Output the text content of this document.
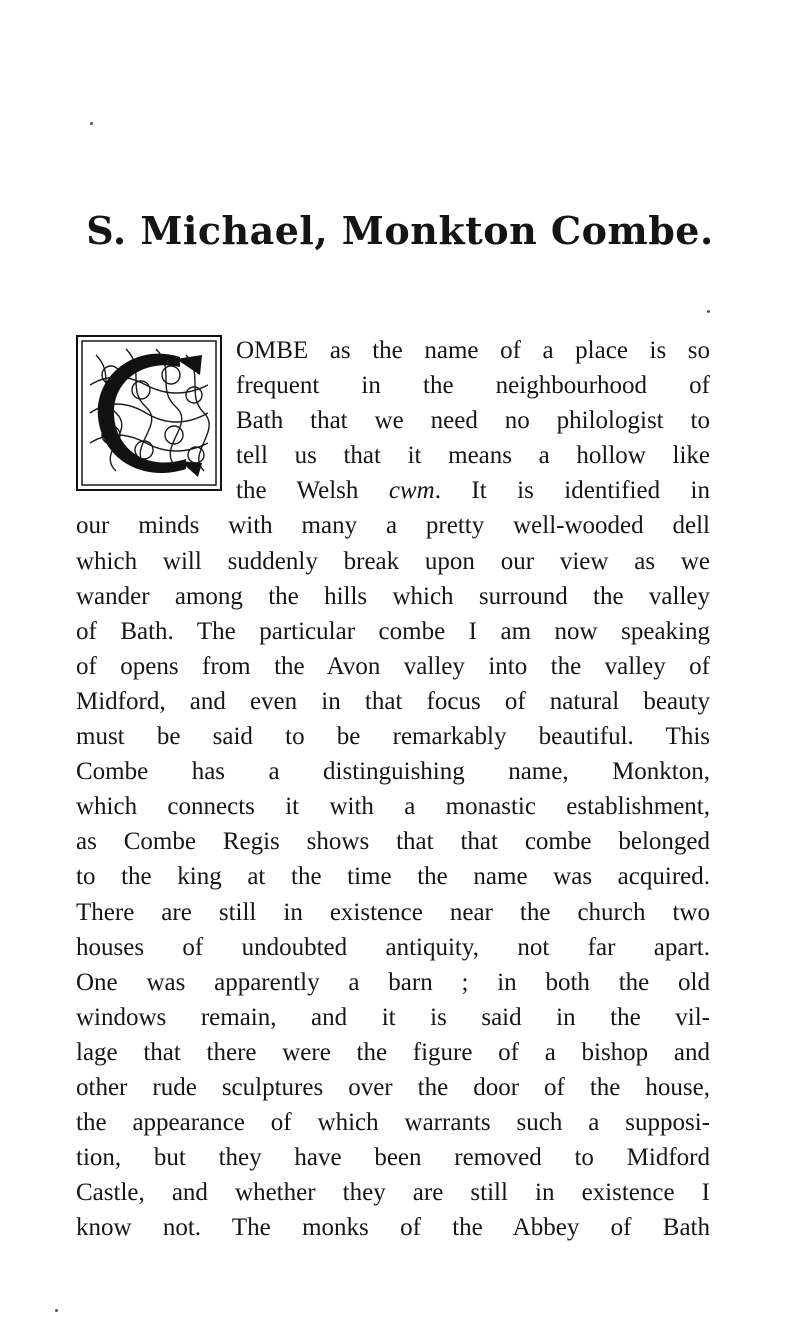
S. Michael, Monkton Combe.
OMBE as the name of a place is so
frequent in the neighbourhood of
Bath that we need no philologist to
tell us that it means a hollow like
the Welsh cwm. It is identified in
our minds with many a pretty well-wooded dell
which will suddenly break upon our view as we
wander among the hills which surround the valley
of Bath. The particular combe I am now speaking
of opens from the Avon valley into the valley of
Midford, and even in that focus of natural beauty
must be said to be remarkably beautiful. This
Combe has a distinguishing name, Monkton,
which connects it with a monastic establishment,
as Combe Regis shows that that combe belonged
to the king at the time the name was acquired.
There are still in existence near the church two
houses of undoubted antiquity, not far apart.
One was apparently a barn ; in both the old
windows remain, and it is said in the vil-
lage that there were the figure of a bishop and
other rude sculptures over the door of the house,
the appearance of which warrants such a supposi-
tion, but they have been removed to Midford
Castle, and whether they are still in existence I
know not. The monks of the Abbey of Bath
